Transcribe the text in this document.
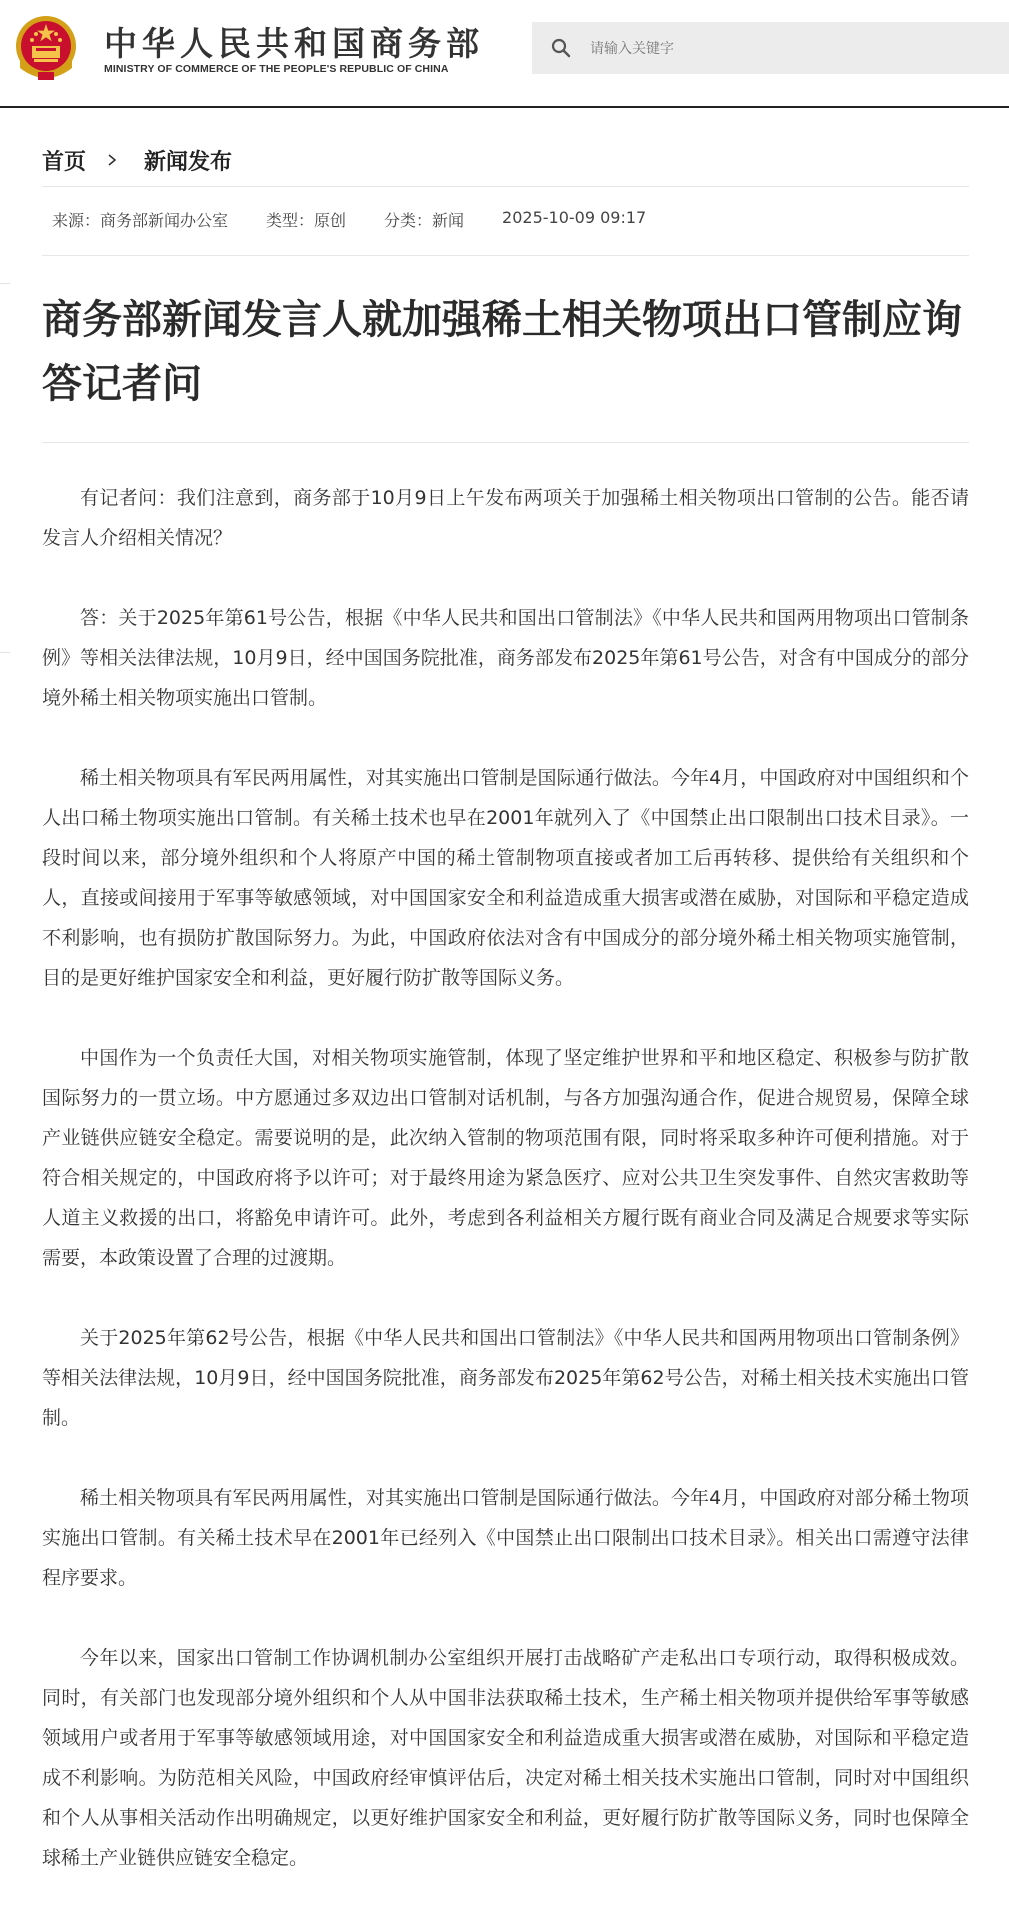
中华人民共和国商务部
MINISTRY OF COMMERCE OF THE PEOPLE'S REPUBLIC OF CHINA
请输入关键字
首页	新闻发布
来源：商务部新闻办公室 类型：原创 分类：新闻 2025-10-09 09:17
商务部新闻发言人就加强稀土相关物项出口管制应询答记者问

有记者问：我们注意到，商务部于10月9日上午发布两项关于加强稀土相关物项出口管制的公告。能否请发言人介绍相关情况？

答：关于2025年第61号公告，根据《中华人民共和国出口管制法》《中华人民共和国两用物项出口管制条例》等相关法律法规，10月9日，经中国国务院批准，商务部发布2025年第61号公告，对含有中国成分的部分境外稀土相关物项实施出口管制。

稀土相关物项具有军民两用属性，对其实施出口管制是国际通行做法。今年4月，中国政府对中国组织和个人出口稀土物项实施出口管制。有关稀土技术也早在2001年就列入了《中国禁止出口限制出口技术目录》。一段时间以来，部分境外组织和个人将原产中国的稀土管制物项直接或者加工后再转移、提供给有关组织和个人，直接或间接用于军事等敏感领域，对中国国家安全和利益造成重大损害或潜在威胁，对国际和平稳定造成不利影响，也有损防扩散国际努力。为此，中国政府依法对含有中国成分的部分境外稀土相关物项实施管制，目的是更好维护国家安全和利益，更好履行防扩散等国际义务。

中国作为一个负责任大国，对相关物项实施管制，体现了坚定维护世界和平和地区稳定、积极参与防扩散国际努力的一贯立场。中方愿通过多双边出口管制对话机制，与各方加强沟通合作，促进合规贸易，保障全球产业链供应链安全稳定。需要说明的是，此次纳入管制的物项范围有限，同时将采取多种许可便利措施。对于符合相关规定的，中国政府将予以许可；对于最终用途为紧急医疗、应对公共卫生突发事件、自然灾害救助等人道主义救援的出口，将豁免申请许可。此外，考虑到各利益相关方履行既有商业合同及满足合规要求等实际需要，本政策设置了合理的过渡期。

关于2025年第62号公告，根据《中华人民共和国出口管制法》《中华人民共和国两用物项出口管制条例》等相关法律法规，10月9日，经中国国务院批准，商务部发布2025年第62号公告，对稀土相关技术实施出口管制。

稀土相关物项具有军民两用属性，对其实施出口管制是国际通行做法。今年4月，中国政府对部分稀土物项实施出口管制。有关稀土技术早在2001年已经列入《中国禁止出口限制出口技术目录》。相关出口需遵守法律程序要求。

今年以来，国家出口管制工作协调机制办公室组织开展打击战略矿产走私出口专项行动，取得积极成效。同时，有关部门也发现部分境外组织和个人从中国非法获取稀土技术，生产稀土相关物项并提供给军事等敏感领域用户或者用于军事等敏感领域用途，对中国国家安全和利益造成重大损害或潜在威胁，对国际和平稳定造成不利影响。为防范相关风险，中国政府经审慎评估后，决定对稀土相关技术实施出口管制，同时对中国组织和个人从事相关活动作出明确规定，以更好维护国家安全和利益，更好履行防扩散等国际义务，同时也保障全球稀土产业链供应链安全稳定。
